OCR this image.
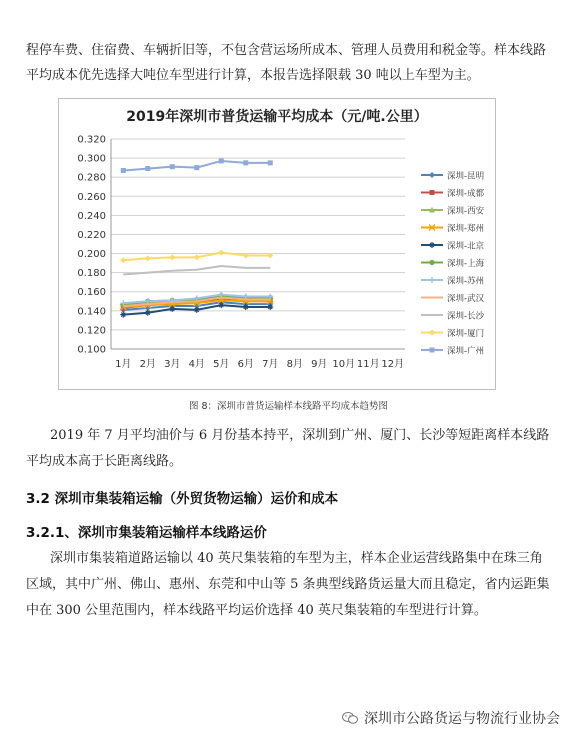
程停车费、住宿费、车辆折旧等，不包含营运场所成本、管理人员费用和税金等。样本线路
平均成本优先选择大吨位车型进行计算，本报告选择限载 30 吨以上车型为主。
2019年深圳市普货运输平均成本（元/吨.公里）
0.100
0.120
0.140
0.160
0.180
0.200
0.220
0.240
0.260
0.280
0.300
0.320
1月 2月 3月 4月 5月 6月 7月 8月 9月 10月 11月 12月
深圳-昆明
深圳-成都
深圳-西安
深圳-郑州
深圳-北京
深圳-上海
深圳-苏州
深圳-武汉
深圳-长沙
深圳-厦门
深圳-广州
图 8：深圳市普货运输样本线路平均成本趋势图
2019 年 7 月平均油价与 6 月份基本持平，深圳到广州、厦门、长沙等短距离样本线路
平均成本高于长距离线路。
3.2 深圳市集装箱运输（外贸货物运输）运价和成本
3.2.1、深圳市集装箱运输样本线路运价
深圳市集装箱道路运输以 40 英尺集装箱的车型为主，样本企业运营线路集中在珠三角
区域，其中广州、佛山、惠州、东莞和中山等 5 条典型线路货运量大而且稳定，省内运距集
中在 300 公里范围内，样本线路平均运价选择 40 英尺集装箱的车型进行计算。
深圳市公路货运与物流行业协会
